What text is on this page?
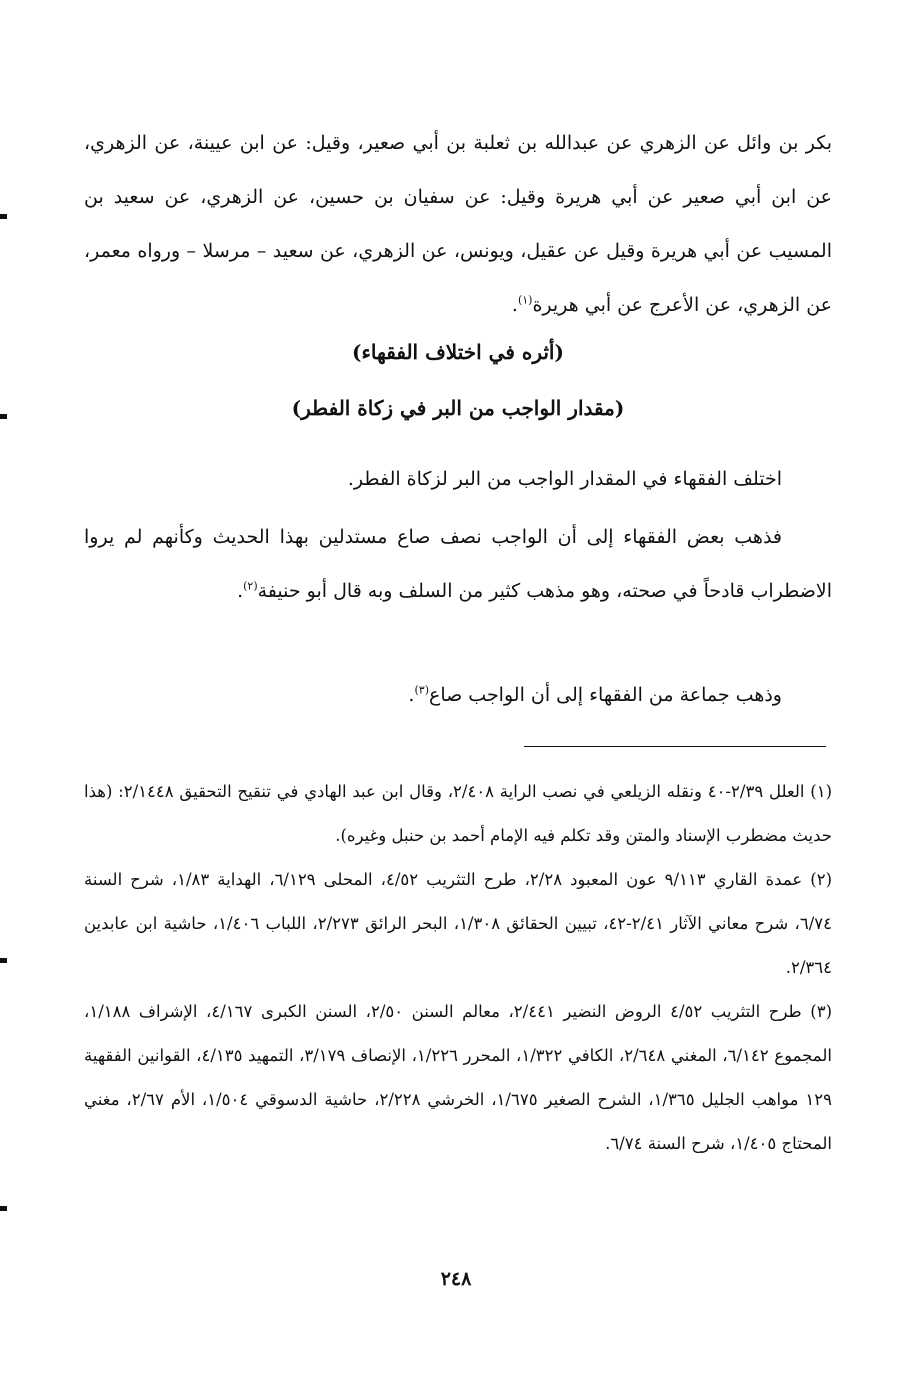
بكر بن وائل عن الزهري عن عبدالله بن ثعلبة بن أبي صعير، وقيل: عن ابن عيينة، عن الزهري، عن ابن أبي صعير عن أبي هريرة وقيل: عن سفيان بن حسين، عن الزهري، عن سعيد بن المسيب عن أبي هريرة وقيل عن عقيل، ويونس، عن الزهري، عن سعيد – مرسلا – ورواه معمر، عن الزهري، عن الأعرج عن أبي هريرة$^{(١)}$.

(أثره في اختلاف الفقهاء)
(مقدار الواجب من البر في زكاة الفطر)

اختلف الفقهاء في المقدار الواجب من البر لزكاة الفطر.

فذهب بعض الفقهاء إلى أن الواجب نصف صاع مستدلين بهذا الحديث وكأنهم لم يروا الاضطراب قادحاً في صحته، وهو مذهب كثير من السلف وبه قال أبو حنيفة$^{(٢)}$.

وذهب جماعة من الفقهاء إلى أن الواجب صاع$^{(٣)}$.

(١) العلل ٢/٣٩-٤٠ ونقله الزيلعي في نصب الراية ٢/٤٠٨، وقال ابن عبد الهادي في تنقيح التحقيق ٢/١٤٤٨: (هذا حديث مضطرب الإسناد والمتن وقد تكلم فيه الإمام أحمد بن حنبل وغيره).

(٢) عمدة القاري ٩/١١٣ عون المعبود ٢/٢٨، طرح التثريب ٤/٥٢، المحلى ٦/١٢٩، الهداية ١/٨٣، شرح السنة ٦/٧٤، شرح معاني الآثار ٢/٤١-٤٢، تبيين الحقائق ١/٣٠٨، البحر الرائق ٢/٢٧٣، اللباب ١/٤٠٦، حاشية ابن عابدين ٢/٣٦٤.

(٣) طرح التثريب ٤/٥٢ الروض النضير ٢/٤٤١، معالم السنن ٢/٥٠، السنن الكبرى ٤/١٦٧، الإشراف ١/١٨٨، المجموع ٦/١٤٢، المغني ٢/٦٤٨، الكافي ١/٣٢٢، المحرر ١/٢٢٦، الإنصاف ٣/١٧٩، التمهيد ٤/١٣٥، القوانين الفقهية ١٢٩ مواهب الجليل ١/٣٦٥، الشرح الصغير ١/٦٧٥، الخرشي ٢/٢٢٨، حاشية الدسوقي ١/٥٠٤، الأم ٢/٦٧، مغني المحتاج ١/٤٠٥، شرح السنة ٦/٧٤.

٢٤٨
